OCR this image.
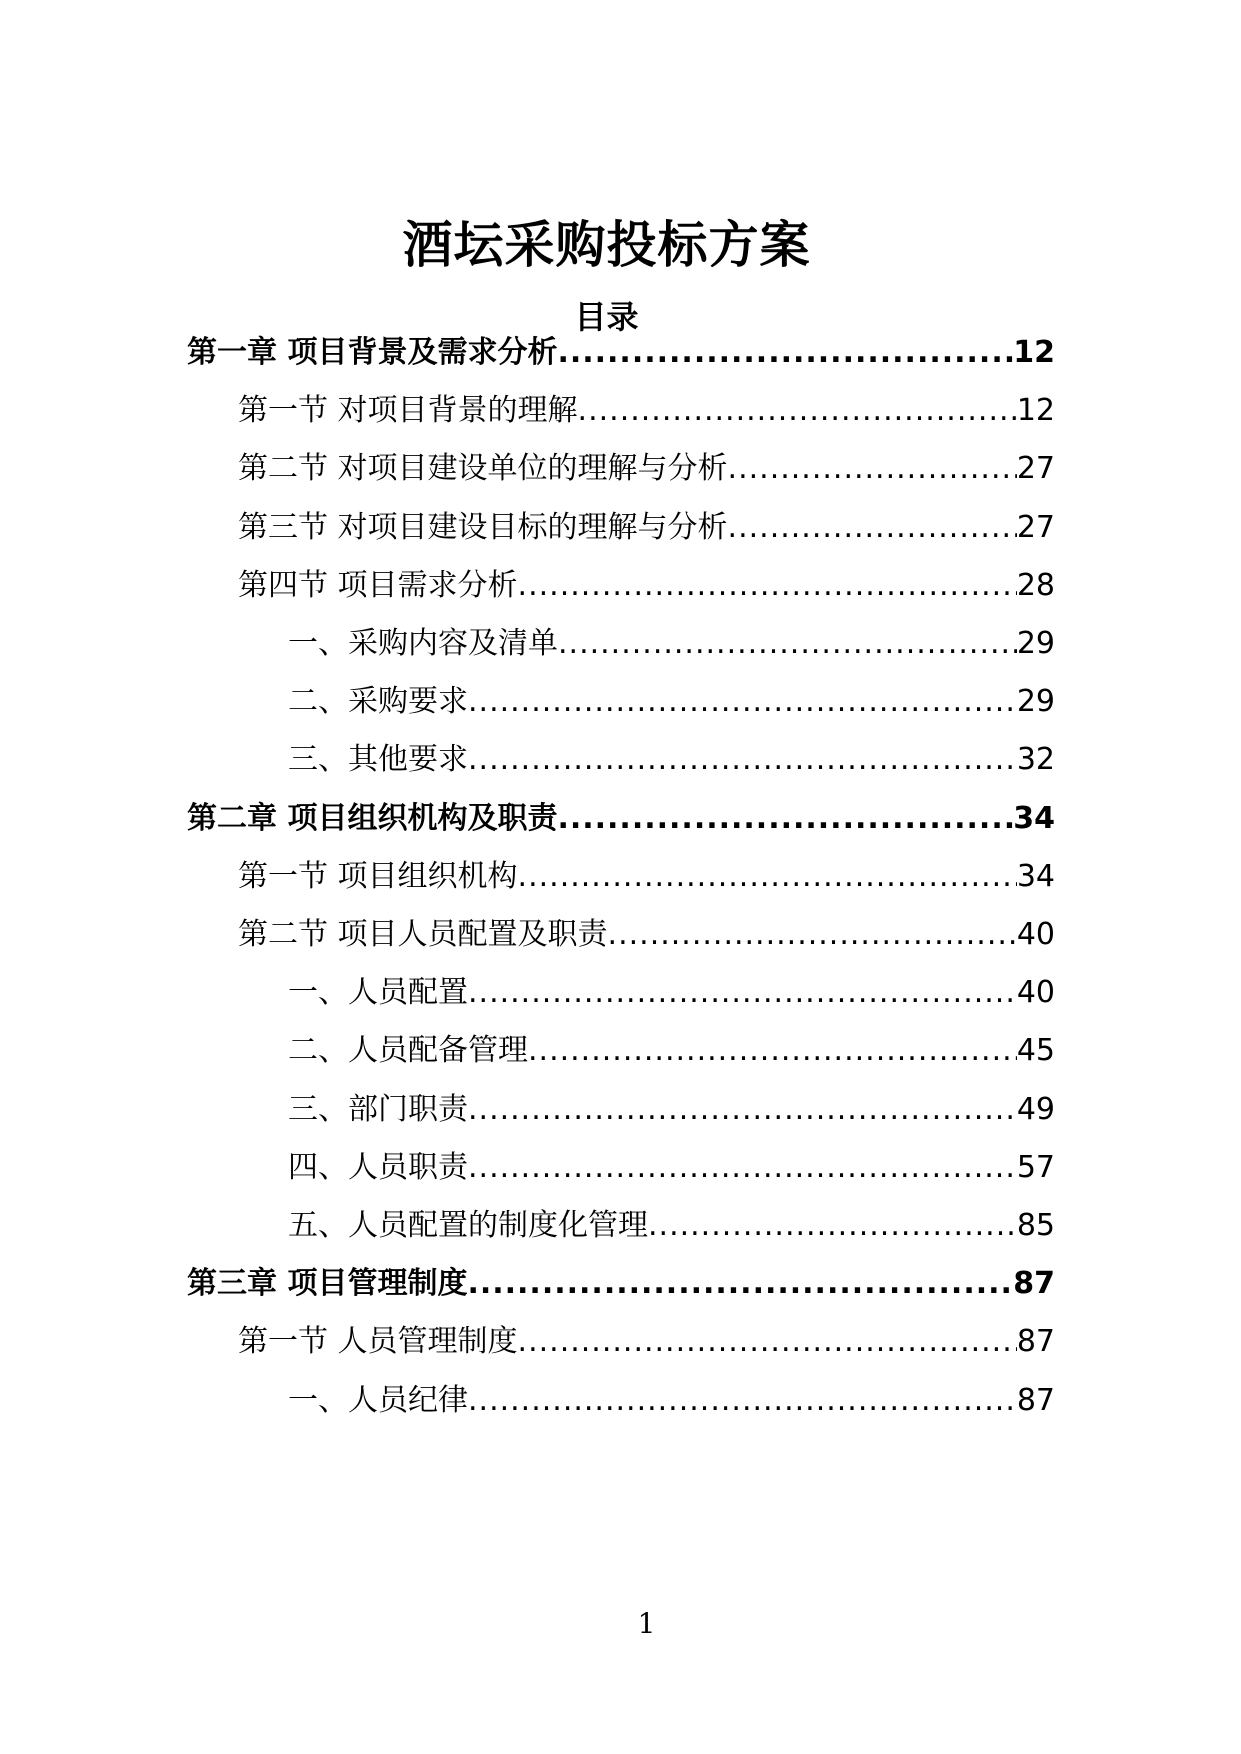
酒坛采购投标方案
目录
第一章 项目背景及需求分析 .....	12
第一节 对项目背景的理解 .....	12
第二节 对项目建设单位的理解与分析 .....	27
第三节 对项目建设目标的理解与分析 .....	27
第四节 项目需求分析 .....	28
一、采购内容及清单 .....	29
二、采购要求 .....	29
三、其他要求 .....	32
第二章 项目组织机构及职责 .....	34
第一节 项目组织机构 .....	34
第二节 项目人员配置及职责 .....	40
一、人员配置 .....	40
二、人员配备管理 .....	45
三、部门职责 .....	49
四、人员职责 .....	57
五、人员配置的制度化管理 .....	85
第三章 项目管理制度 .....	87
第一节 人员管理制度 .....	87
一、人员纪律 .....	87
1
